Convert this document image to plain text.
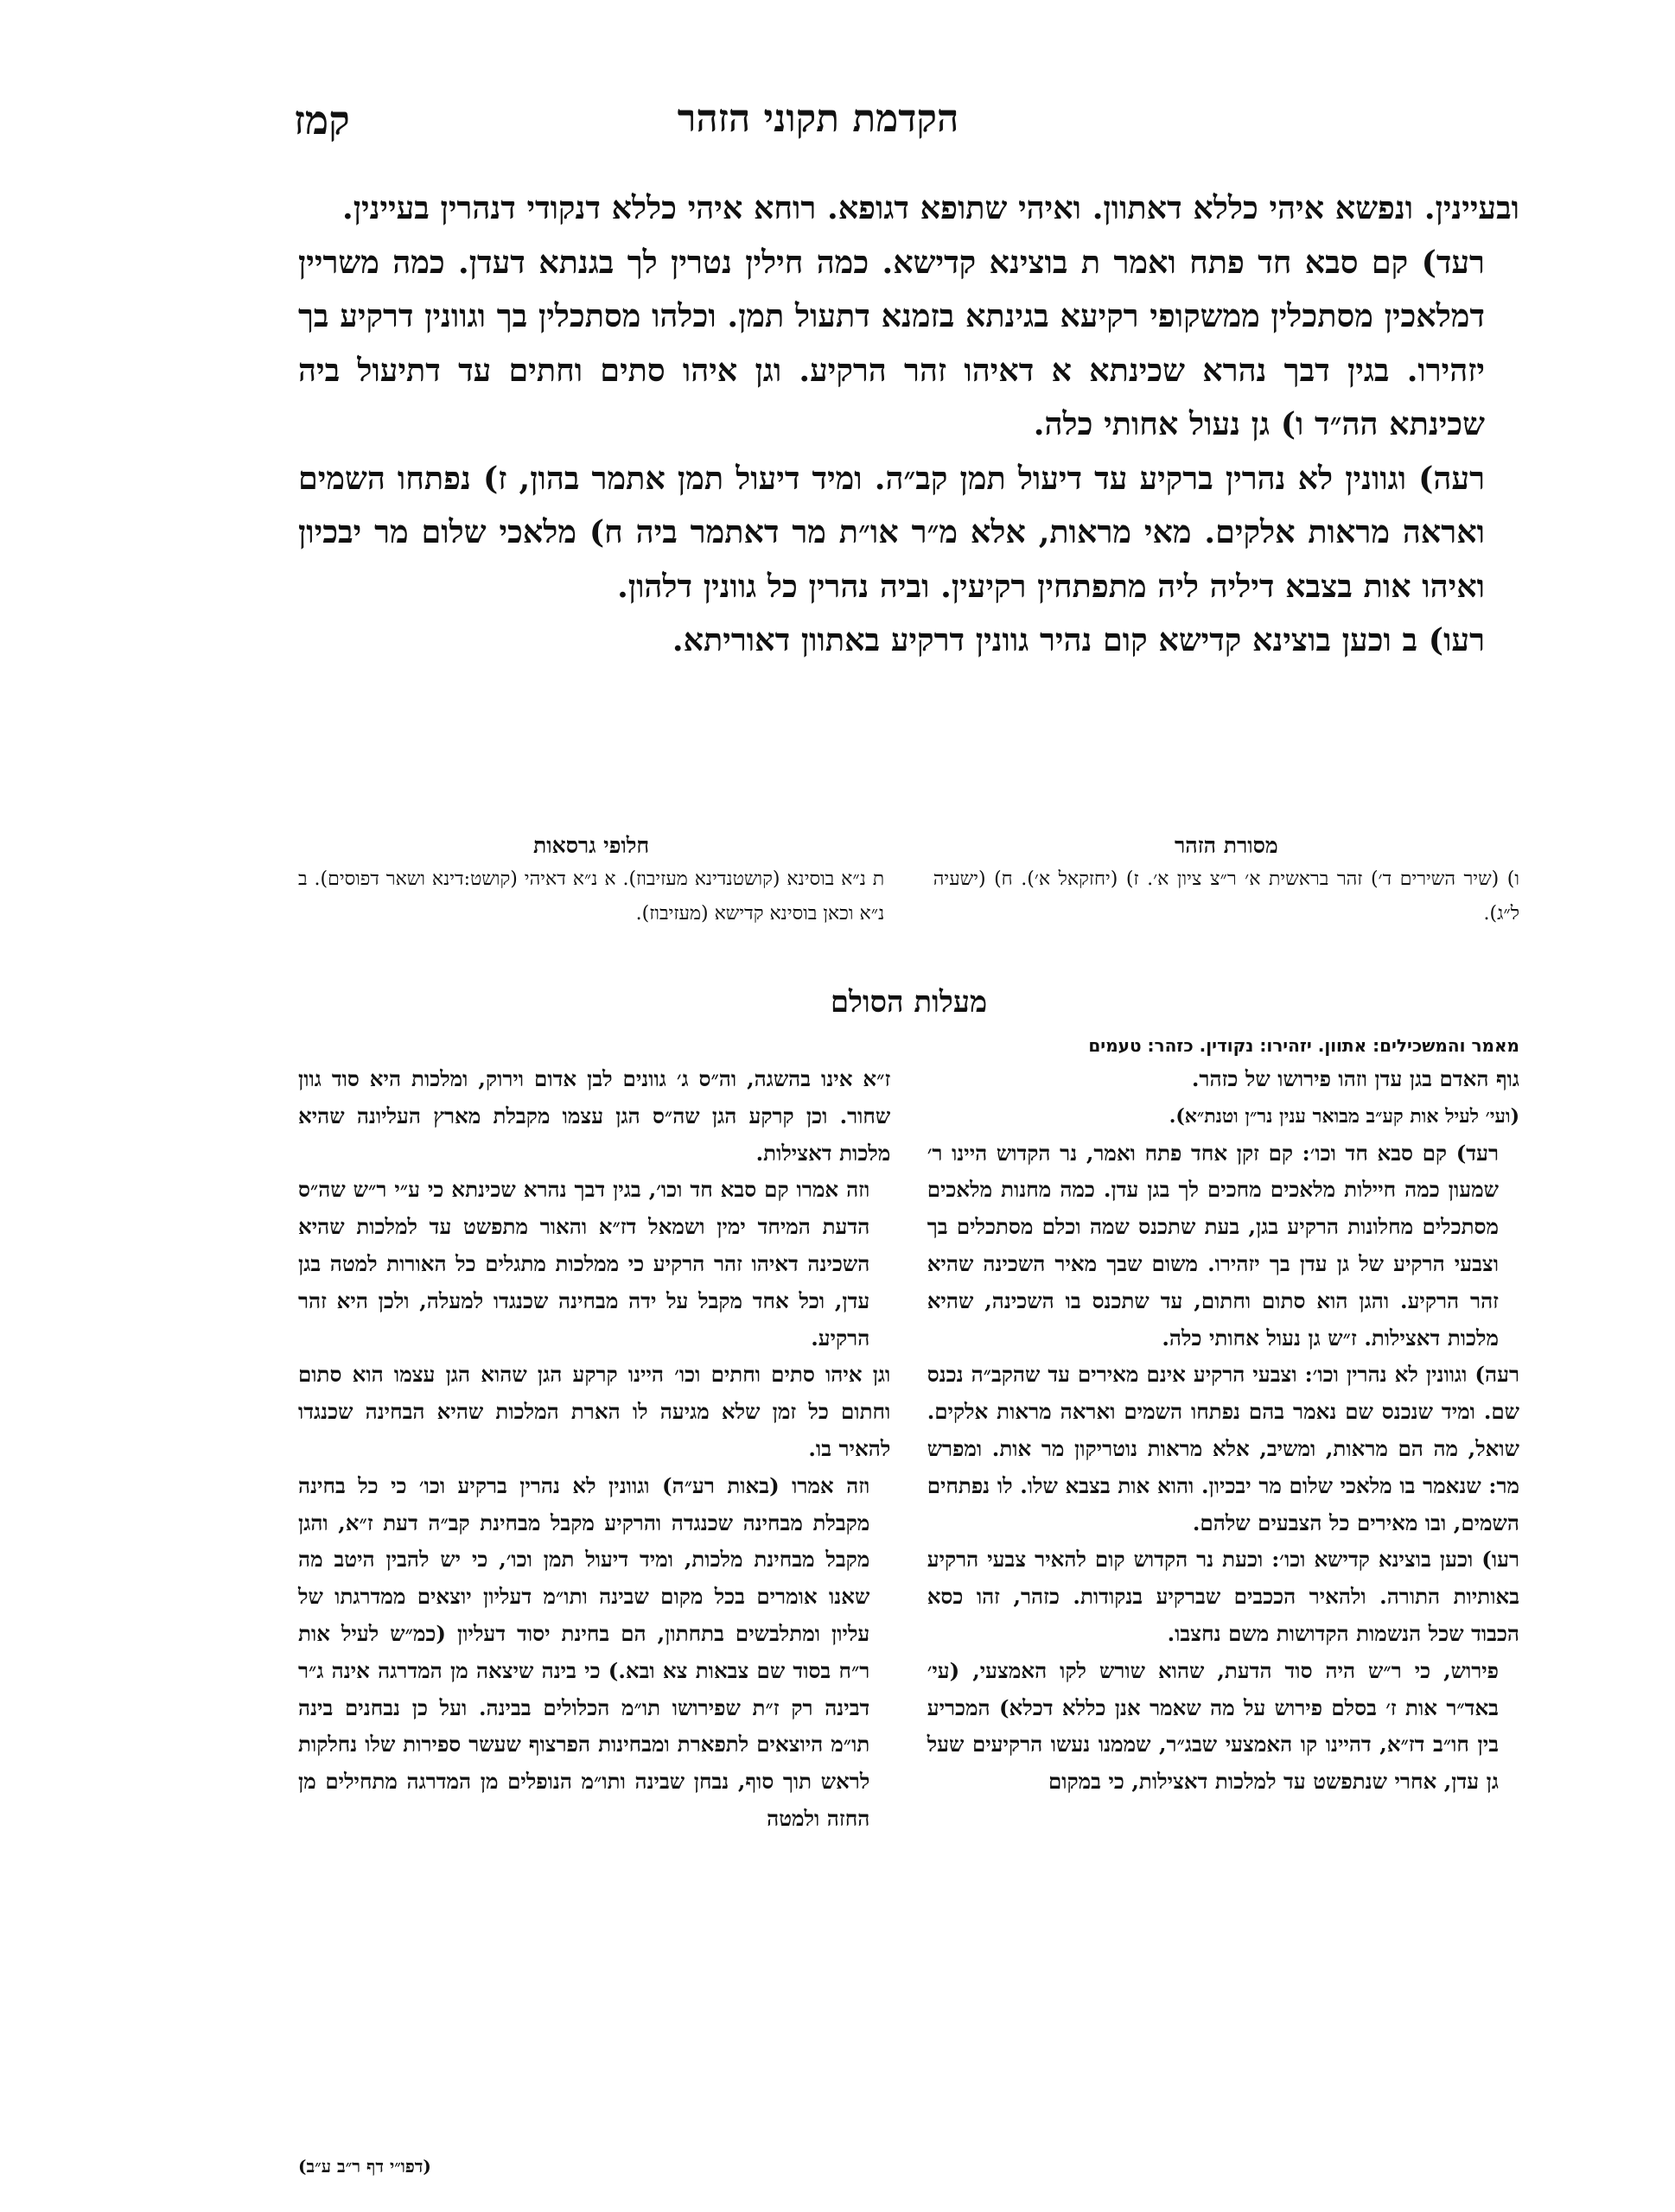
הקדמת תקוני הזהר
קמז

ובעיינין. ונפשא איהי כללא דאתוון. ואיהי שתופא דגופא. רוחא איהי כללא דנקודי דנהרין בעיינין.

רעד) קם סבא חד פתח ואמר ת בוצינא קדישא. כמה חילין נטרין לך בגנתא דעדן. כמה משריין דמלאכין מסתכלין ממשקופי רקיעא בגינתא בזמנא דתעול תמן. וכלהו מסתכלין בך וגוונין דרקיע בך יזהירו. בגין דבך נהרא שכינתא א דאיהו זהר הרקיע. וגן איהו סתים וחתים עד דתיעול ביה שכינתא הה״ד ו) גן נעול אחותי כלה.

רעה) וגוונין לא נהרין ברקיע עד דיעול תמן קב״ה. ומיד דיעול תמן אתמר בהון, ז) נפתחו השמים ואראה מראות אלקים. מאי מראות, אלא מ״ר או״ת מר דאתמר ביה ח) מלאכי שלום מר יבכיון ואיהו אות בצבא דיליה ליה מתפתחין רקיעין. וביה נהרין כל גוונין דלהון.

רעו) ב וכען בוצינא קדישא קום נהיר גוונין דרקיע באתוון דאוריתא.

מסורת הזהר

ו) (שיר השירים ד׳) זהר בראשית א׳ ר״צ ציון א׳. ז) (יחזקאל א׳). ח) (ישעיה ל״ג).

חלופי גרסאות

ת נ״א בוסינא (קושטנדינא מעזיבוז). א נ״א דאיהי (קושט:דינא ושאר דפוסים). ב נ״א וכאן בוסינא קדישא (מעזיבוז).

מעלות הסולם
מאמר והמשכילים: אתוון. יזהירו: נקודין. כזהר: טעמים

גוף האדם בגן עדן וזהו פירושו של כזהר.

(ועי׳ לעיל אות קע״ב מבואר ענין נר״ן וטנת״א).

רעד) קם סבא חד וכו׳: קם זקן אחד פתח ואמר, נר הקדוש היינו ר׳ שמעון כמה חיילות מלאכים מחכים לך בגן עדן. כמה מחנות מלאכים מסתכלים מחלונות הרקיע בגן, בעת שתכנס שמה וכלם מסתכלים בך וצבעי הרקיע של גן עדן בך יזהירו. משום שבך מאיר השכינה שהיא זהר הרקיע. והגן הוא סתום וחתום, עד שתכנס בו השכינה, שהיא מלכות דאצילות. ז״ש גן נעול אחותי כלה.

רעה) וגוונין לא נהרין וכו׳: וצבעי הרקיע אינם מאירים עד שהקב״ה נכנס שם. ומיד שנכנס שם נאמר בהם נפתחו השמים ואראה מראות אלקים. שואל, מה הם מראות, ומשיב, אלא מראות נוטריקון מר אות. ומפרש מר: שנאמר בו מלאכי שלום מר יבכיון. והוא אות בצבא שלו. לו נפתחים השמים, ובו מאירים כל הצבעים שלהם.

רעו) וכען בוצינא קדישא וכו׳: וכעת נר הקדוש קום להאיר צבעי הרקיע באותיות התורה. ולהאיר הככבים שברקיע בנקודות. כזהר, זהו כסא הכבוד שכל הנשמות הקדושות משם נחצבו.

פירוש, כי ר״ש היה סוד הדעת, שהוא שורש לקו האמצעי, (עי׳ באד״ר אות ז׳ בסלם פירוש על מה שאמר אנן כללא דכלא) המכריע בין חו״ב דז״א, דהיינו קו האמצעי שבג״ר, שממנו נעשו הרקיעים שעל גן עדן, אחרי שנתפשט עד למלכות דאצילות, כי במקום

ז״א אינו בהשגה, וה״ס ג׳ גוונים לבן אדום וירוק, ומלכות היא סוד גוון שחור. וכן קרקע הגן שה״ס הגן עצמו מקבלת מארץ העליונה שהיא מלכות דאצילות.

וזה אמרו קם סבא חד וכו׳, בגין דבך נהרא שכינתא כי ע״י ר״ש שה״ס הדעת המיחד ימין ושמאל דז״א והאור מתפשט עד למלכות שהיא השכינה דאיהו זהר הרקיע כי ממלכות מתגלים כל האורות למטה בגן עדן, וכל אחד מקבל על ידה מבחינה שכנגדו למעלה, ולכן היא זהר הרקיע.

וגן איהו סתים וחתים וכו׳ היינו קרקע הגן שהוא הגן עצמו הוא סתום וחתום כל זמן שלא מגיעה לו הארת המלכות שהיא הבחינה שכנגדו להאיר בו.

וזה אמרו (באות רע״ה) וגוונין לא נהרין ברקיע וכו׳ כי כל בחינה מקבלת מבחינה שכנגדה והרקיע מקבל מבחינת קב״ה דעת ז״א, והגן מקבל מבחינת מלכות, ומיד דיעול תמן וכו׳, כי יש להבין היטב מה שאנו אומרים בכל מקום שבינה ותו״מ דעליון יוצאים ממדרגתו של עליון ומתלבשים בתחתון, הם בחינת יסוד דעליון (כמ״ש לעיל אות ר״ח בסוד שם צבאות צא ובא.) כי בינה שיצאה מן המדרגה אינה ג״ר דבינה רק ז״ת שפירושו תו״מ הכלולים בבינה. ועל כן נבחנים בינה תו״מ היוצאים לתפארת ומבחינות הפרצוף שעשר ספירות שלו נחלקות לראש תוך סוף, נבחן שבינה ותו״מ הנופלים מן המדרגה מתחילים מן החזה ולמטה

(דפו״י דף ר״ב ע״ב)
